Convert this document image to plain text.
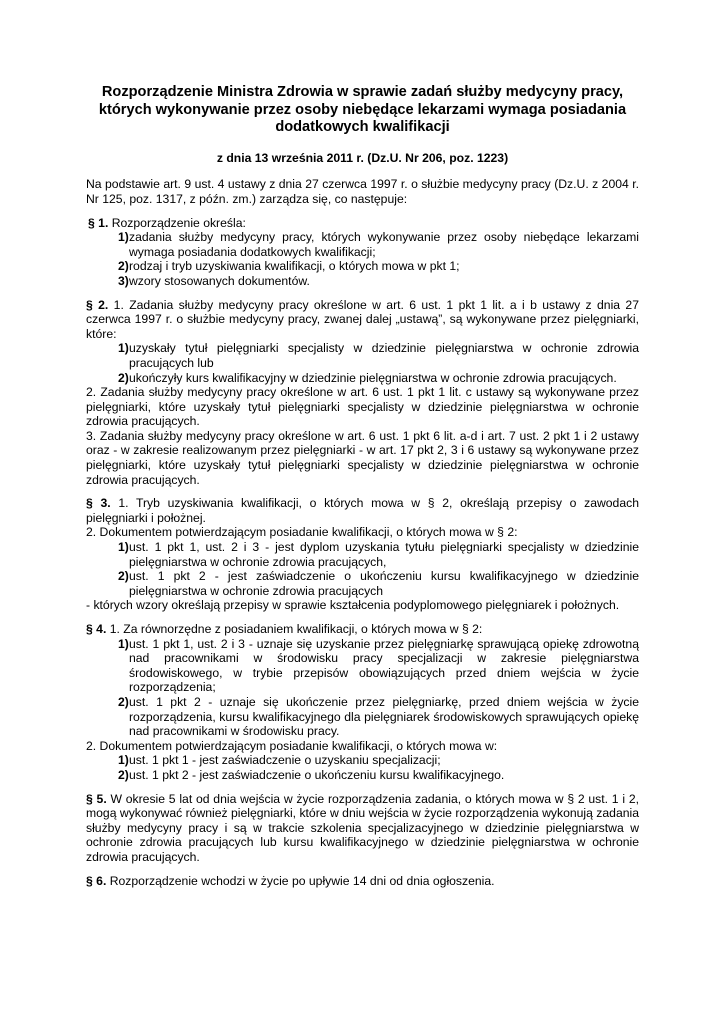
Rozporządzenie Ministra Zdrowia w sprawie zadań służby medycyny pracy, których wykonywanie przez osoby niebędące lekarzami wymaga posiadania dodatkowych kwalifikacji
z dnia 13 września 2011 r. (Dz.U. Nr 206, poz. 1223)

Na podstawie art. 9 ust. 4 ustawy z dnia 27 czerwca 1997 r. o służbie medycyny pracy (Dz.U. z 2004 r. Nr 125, poz. 1317, z późn. zm.) zarządza się, co następuje:

§ 1. Rozporządzenie określa:

1) zadania służby medycyny pracy, których wykonywanie przez osoby niebędące lekarzami wymaga posiadania dodatkowych kwalifikacji;
2) rodzaj i tryb uzyskiwania kwalifikacji, o których mowa w pkt 1;
3) wzory stosowanych dokumentów.

§ 2. 1. Zadania służby medycyny pracy określone w art. 6 ust. 1 pkt 1 lit. a i b ustawy z dnia 27 czerwca 1997 r. o służbie medycyny pracy, zwanej dalej „ustawą”, są wykonywane przez pielęgniarki, które:

1) uzyskały tytuł pielęgniarki specjalisty w dziedzinie pielęgniarstwa w ochronie zdrowia pracujących lub
2) ukończyły kurs kwalifikacyjny w dziedzinie pielęgniarstwa w ochronie zdrowia pracujących.

2. Zadania służby medycyny pracy określone w art. 6 ust. 1 pkt 1 lit. c ustawy są wykonywane przez pielęgniarki, które uzyskały tytuł pielęgniarki specjalisty w dziedzinie pielęgniarstwa w ochronie zdrowia pracujących.

3. Zadania służby medycyny pracy określone w art. 6 ust. 1 pkt 6 lit. a-d i art. 7 ust. 2 pkt 1 i 2 ustawy oraz - w zakresie realizowanym przez pielęgniarki - w art. 17 pkt 2, 3 i 6 ustawy są wykonywane przez pielęgniarki, które uzyskały tytuł pielęgniarki specjalisty w dziedzinie pielęgniarstwa w ochronie zdrowia pracujących.

§ 3. 1. Tryb uzyskiwania kwalifikacji, o których mowa w § 2, określają przepisy o zawodach pielęgniarki i położnej.

2. Dokumentem potwierdzającym posiadanie kwalifikacji, o których mowa w § 2:

1) ust. 1 pkt 1, ust. 2 i 3 - jest dyplom uzyskania tytułu pielęgniarki specjalisty w dziedzinie pielęgniarstwa w ochronie zdrowia pracujących,
2) ust. 1 pkt 2 - jest zaświadczenie o ukończeniu kursu kwalifikacyjnego w dziedzinie pielęgniarstwa w ochronie zdrowia pracujących

- których wzory określają przepisy w sprawie kształcenia podyplomowego pielęgniarek i położnych.

§ 4. 1. Za równorzędne z posiadaniem kwalifikacji, o których mowa w § 2:

1) ust. 1 pkt 1, ust. 2 i 3 - uznaje się uzyskanie przez pielęgniarkę sprawującą opiekę zdrowotną nad pracownikami w środowisku pracy specjalizacji w zakresie pielęgniarstwa środowiskowego, w trybie przepisów obowiązujących przed dniem wejścia w życie rozporządzenia;
2) ust. 1 pkt 2 - uznaje się ukończenie przez pielęgniarkę, przed dniem wejścia w życie rozporządzenia, kursu kwalifikacyjnego dla pielęgniarek środowiskowych sprawujących opiekę nad pracownikami w środowisku pracy.

2. Dokumentem potwierdzającym posiadanie kwalifikacji, o których mowa w:

1) ust. 1 pkt 1 - jest zaświadczenie o uzyskaniu specjalizacji;
2) ust. 1 pkt 2 - jest zaświadczenie o ukończeniu kursu kwalifikacyjnego.

§ 5. W okresie 5 lat od dnia wejścia w życie rozporządzenia zadania, o których mowa w § 2 ust. 1 i 2, mogą wykonywać również pielęgniarki, które w dniu wejścia w życie rozporządzenia wykonują zadania służby medycyny pracy i są w trakcie szkolenia specjalizacyjnego w dziedzinie pielęgniarstwa w ochronie zdrowia pracujących lub kursu kwalifikacyjnego w dziedzinie pielęgniarstwa w ochronie zdrowia pracujących.

§ 6. Rozporządzenie wchodzi w życie po upływie 14 dni od dnia ogłoszenia.
